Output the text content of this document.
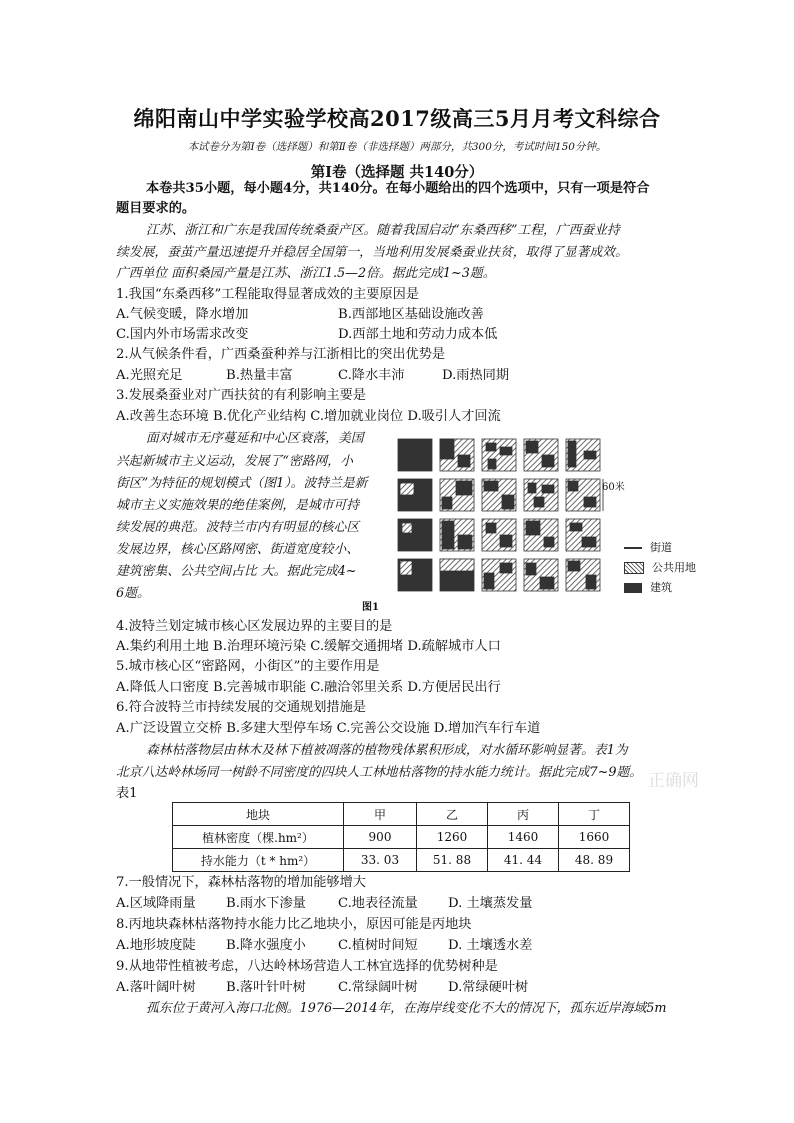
绵阳南山中学实验学校高2017级高三5月月考文科综合
本试卷分为第Ⅰ卷（选择题）和第Ⅱ卷（非选择题）两部分，共300分，考试时间150分钟。
第Ⅰ卷（选择题 共140分）
本卷共35小题，每小题4分，共140分。在每小题给出的四个选项中，只有一项是符合
题目要求的。
江苏、浙江和广东是我国传统桑蚕产区。随着我国启动“东桑西移”工程，广西蚕业持
续发展，蚕茧产量迅速提升并稳居全国第一，当地利用发展桑蚕业扶贫，取得了显著成效。
广西单位 面积桑园产量是江苏、浙江1.5—2倍。据此完成1~3题。
1.我国“东桑西移”工程能取得显著成效的主要原因是
A.气候变暖，降水增加	B.西部地区基础设施改善
C.国内外市场需求改变	D.西部土地和劳动力成本低
2.从气候条件看，广西桑蚕种养与江浙相比的突出优势是
A.光照充足	B.热量丰富	C.降水丰沛	D.雨热同期
3.发展桑蚕业对广西扶贫的有利影响主要是
A.改善生态环境 B.优化产业结构 C.增加就业岗位 D.吸引人才回流
面对城市无序蔓延和中心区衰落，美国
兴起新城市主义运动，发展了“密路网，小
街区”为特征的规划模式（图1）。波特兰是新
城市主义实施效果的绝佳案例，是城市可持
续发展的典范。波特兰市内有明显的核心区
发展边界，核心区路网密、街道宽度较小、
建筑密集、公共空间占比 大。据此完成4~
6题。
60米
图1
街道
公共用地
建筑
4.波特兰划定城市核心区发展边界的主要目的是
A.集约利用土地 B.治理环境污染 C.缓解交通拥堵 D.疏解城市人口
5.城市核心区“密路网，小街区”的主要作用是
A.降低人口密度 B.完善城市职能 C.融洽邻里关系 D.方便居民出行
6.符合波特兰市持续发展的交通规划措施是
A.广泛设置立交桥 B.多建大型停车场 C.完善公交设施 D.增加汽车行车道
森林枯落物层由林木及林下植被凋落的植物残体累积形成，对水循环影响显著。表1为
北京八达岭林场同一树龄不同密度的四块人工林地枯落物的持水能力统计。据此完成7~9题。 正确网
表1
地块	甲	乙	丙	丁
植林密度（棵.hm²）	900	1260	1460	1660
持水能力（t * hm²）	33. 03	51. 88	41. 44	48. 89
7.一般情况下，森林枯落物的增加能够增大
A.区域降雨量 B.雨水下渗量 C.地表径流量 D. 土壤蒸发量
8.丙地块森林枯落物持水能力比乙地块小，原因可能是丙地块
A.地形坡度陡 B.降水强度小 C.植树时间短 D. 土壤透水差
9.从地带性植被考虑，八达岭林场营造人工林宜选择的优势树种是
A.落叶阔叶树 B.落叶针叶树 C.常绿阔叶树 D.常绿硬叶树
孤东位于黄河入海口北侧。1976—2014年，在海岸线变化不大的情况下，孤东近岸海域5m
